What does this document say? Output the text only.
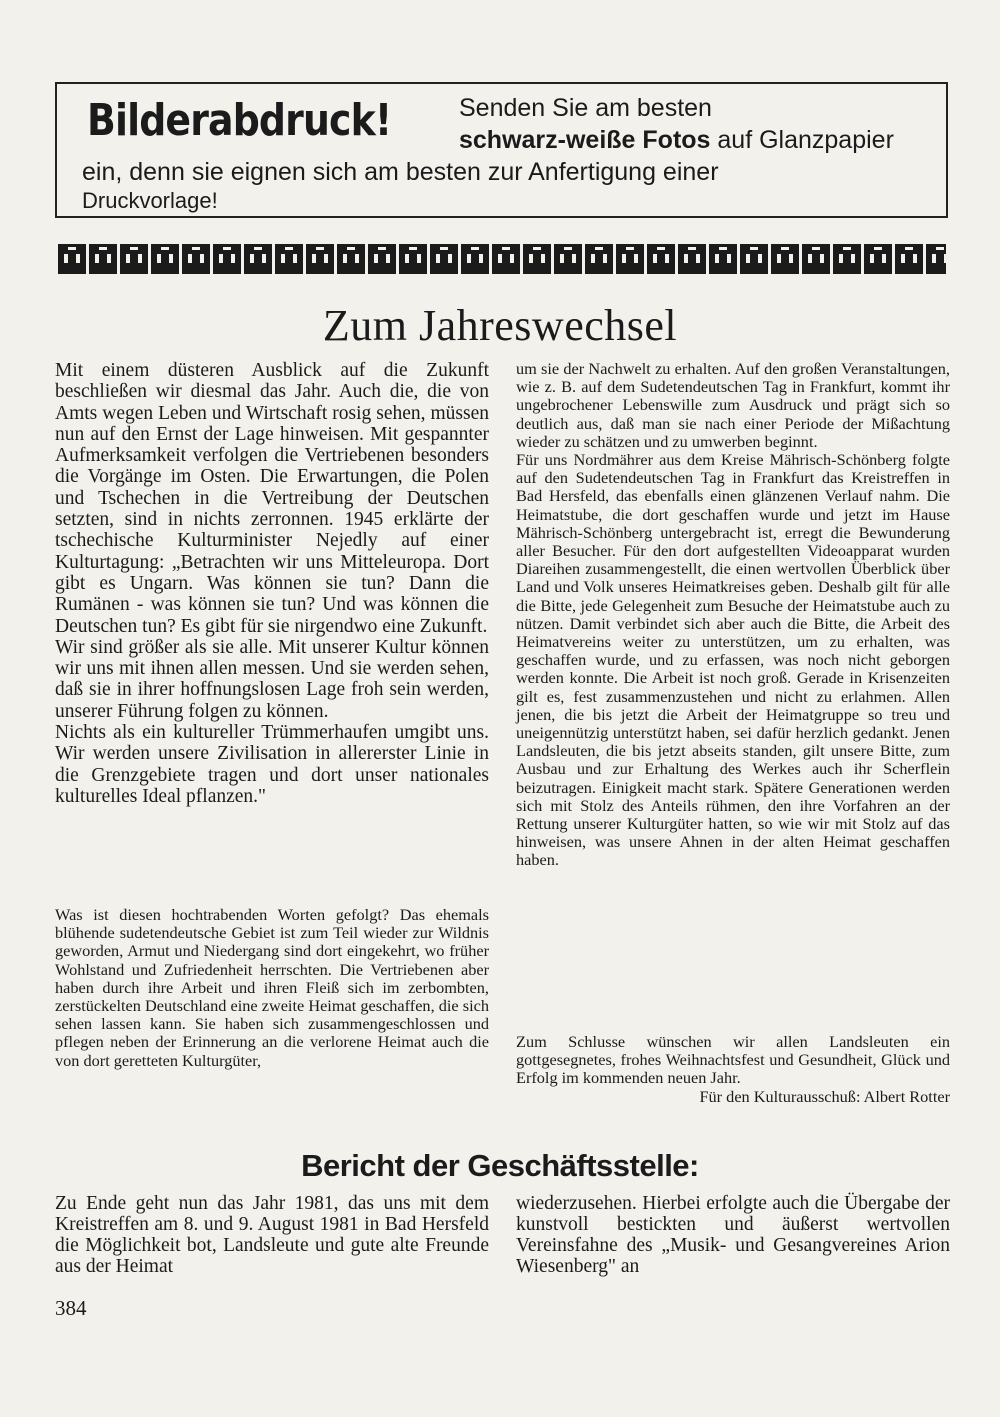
Bilderabdruck!	Senden Sie am besten
schwarz-weiße Fotos auf Glanzpapier
ein, denn sie eignen sich am besten zur Anfertigung einer
Druckvorlage!
Zum Jahreswechsel

Mit einem düsteren Ausblick auf die Zukunft beschließen wir diesmal das Jahr. Auch die, die von Amts wegen Leben und Wirtschaft rosig sehen, müssen nun auf den Ernst der Lage hinweisen. Mit gespannter Aufmerksamkeit verfolgen die Vertriebenen besonders die Vorgänge im Osten. Die Erwartungen, die Polen und Tschechen in die Vertreibung der Deutschen setzten, sind in nichts zerronnen. 1945 erklärte der tschechische Kulturminister Nejedly auf einer Kulturtagung: „Betrachten wir uns Mitteleuropa. Dort gibt es Ungarn. Was können sie tun? Dann die Rumänen - was können sie tun? Und was können die Deutschen tun? Es gibt für sie nirgendwo eine Zukunft.

Wir sind größer als sie alle. Mit unserer Kultur können wir uns mit ihnen allen messen. Und sie werden sehen, daß sie in ihrer hoffnungslosen Lage froh sein werden, unserer Führung folgen zu können.

Nichts als ein kultureller Trümmerhaufen umgibt uns. Wir werden unsere Zivilisation in allererster Linie in die Grenzgebiete tragen und dort unser nationales kulturelles Ideal pflanzen."

Was ist diesen hochtrabenden Worten gefolgt? Das ehemals blühende sudetendeutsche Gebiet ist zum Teil wieder zur Wildnis geworden, Armut und Niedergang sind dort eingekehrt, wo früher Wohlstand und Zufriedenheit herrschten. Die Vertriebenen aber haben durch ihre Arbeit und ihren Fleiß sich im zerbombten, zerstückelten Deutschland eine zweite Heimat geschaffen, die sich sehen lassen kann. Sie haben sich zusammengeschlossen und pflegen neben der Erinnerung an die verlorene Heimat auch die von dort geretteten Kulturgüter,

um sie der Nachwelt zu erhalten. Auf den großen Veranstaltungen, wie z. B. auf dem Sudetendeutschen Tag in Frankfurt, kommt ihr ungebrochener Lebenswille zum Ausdruck und prägt sich so deutlich aus, daß man sie nach einer Periode der Mißachtung wieder zu schätzen und zu umwerben beginnt.

Für uns Nordmährer aus dem Kreise Mährisch-Schönberg folgte auf den Sudetendeutschen Tag in Frankfurt das Kreistreffen in Bad Hersfeld, das ebenfalls einen glänzenen Verlauf nahm. Die Heimatstube, die dort geschaffen wurde und jetzt im Hause Mährisch-Schönberg untergebracht ist, erregt die Bewunderung aller Besucher. Für den dort aufgestellten Videoapparat wurden Diareihen zusammengestellt, die einen wertvollen Überblick über Land und Volk unseres Heimatkreises geben. Deshalb gilt für alle die Bitte, jede Gelegenheit zum Besuche der Heimatstube auch zu nützen. Damit verbindet sich aber auch die Bitte, die Arbeit des Heimatvereins weiter zu unterstützen, um zu erhalten, was geschaffen wurde, und zu erfassen, was noch nicht geborgen werden konnte. Die Arbeit ist noch groß. Gerade in Krisenzeiten gilt es, fest zusammenzustehen und nicht zu erlahmen. Allen jenen, die bis jetzt die Arbeit der Heimatgruppe so treu und uneigennützig unterstützt haben, sei dafür herzlich gedankt. Jenen Landsleuten, die bis jetzt abseits standen, gilt unsere Bitte, zum Ausbau und zur Erhaltung des Werkes auch ihr Scherflein beizutragen. Einigkeit macht stark. Spätere Generationen werden sich mit Stolz des Anteils rühmen, den ihre Vorfahren an der Rettung unserer Kulturgüter hatten, so wie wir mit Stolz auf das hinweisen, was unsere Ahnen in der alten Heimat geschaffen haben.

Zum Schlusse wünschen wir allen Landsleuten ein gottgesegnetes, frohes Weihnachtsfest und Gesundheit, Glück und Erfolg im kommenden neuen Jahr.

Für den Kulturausschuß: Albert Rotter

Bericht der Geschäftsstelle:

Zu Ende geht nun das Jahr 1981, das uns mit dem Kreistreffen am 8. und 9. August 1981 in Bad Hersfeld die Möglichkeit bot, Landsleute und gute alte Freunde aus der Heimat

wiederzusehen. Hierbei erfolgte auch die Übergabe der kunstvoll bestickten und äußerst wertvollen Vereinsfahne des „Musik- und Gesangvereines Arion Wiesenberg" an

384
